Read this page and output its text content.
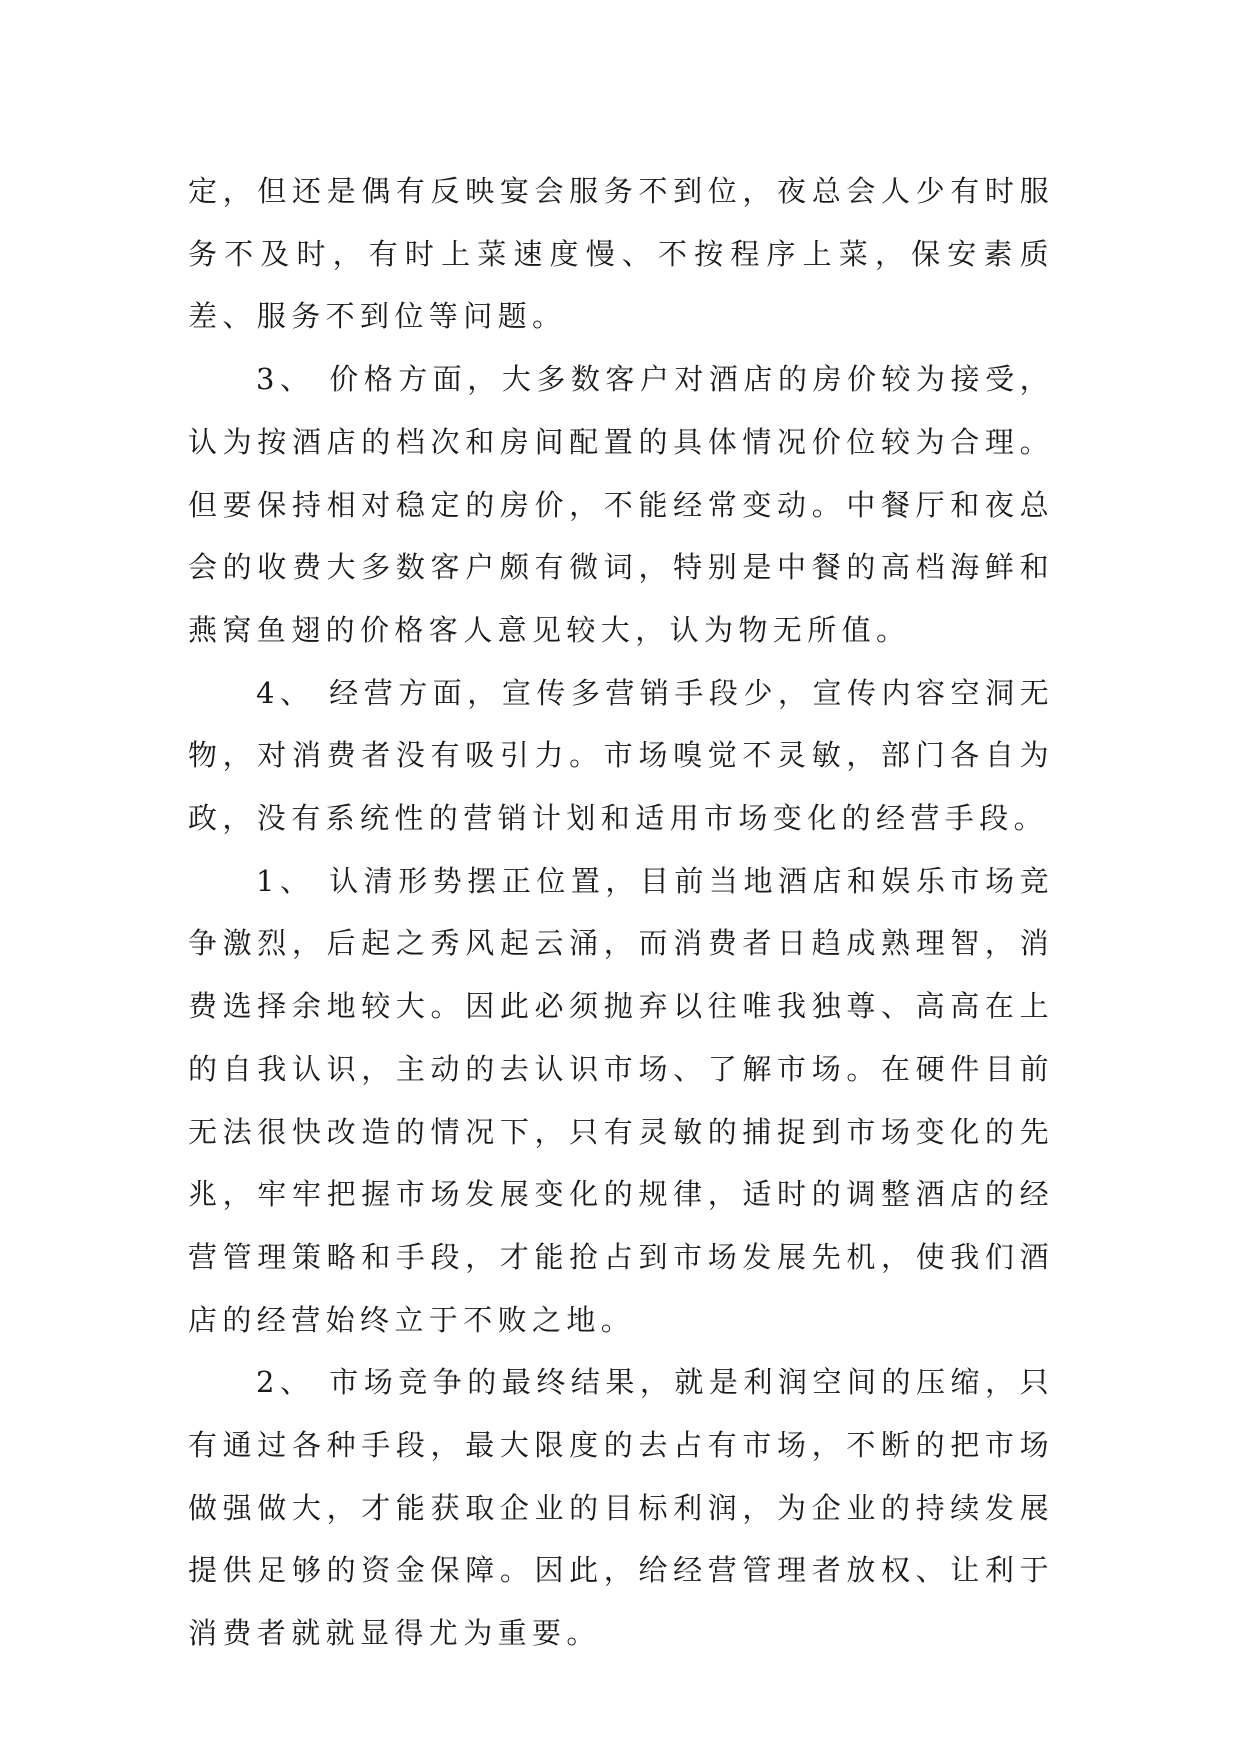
定，但还是偶有反映宴会服务不到位，夜总会人少有时服务不及时，有时上菜速度慢、不按程序上菜，保安素质差、服务不到位等问题。

3、 价格方面，大多数客户对酒店的房价较为接受，认为按酒店的档次和房间配置的具体情况价位较为合理。但要保持相对稳定的房价，不能经常变动。中餐厅和夜总会的收费大多数客户颇有微词，特别是中餐的高档海鲜和燕窝鱼翅的价格客人意见较大，认为物无所值。

4、 经营方面，宣传多营销手段少，宣传内容空洞无物，对消费者没有吸引力。市场嗅觉不灵敏，部门各自为政，没有系统性的营销计划和适用市场变化的经营手段。

1、 认清形势摆正位置，目前当地酒店和娱乐市场竞争激烈，后起之秀风起云涌，而消费者日趋成熟理智，消费选择余地较大。因此必须抛弃以往唯我独尊、高高在上的自我认识，主动的去认识市场、了解市场。在硬件目前无法很快改造的情况下，只有灵敏的捕捉到市场变化的先兆，牢牢把握市场发展变化的规律，适时的调整酒店的经营管理策略和手段，才能抢占到市场发展先机，使我们酒店的经营始终立于不败之地。

2、 市场竞争的最终结果，就是利润空间的压缩，只有通过各种手段，最大限度的去占有市场，不断的把市场做强做大，才能获取企业的目标利润，为企业的持续发展提供足够的资金保障。因此，给经营管理者放权、让利于消费者就就显得尤为重要。
